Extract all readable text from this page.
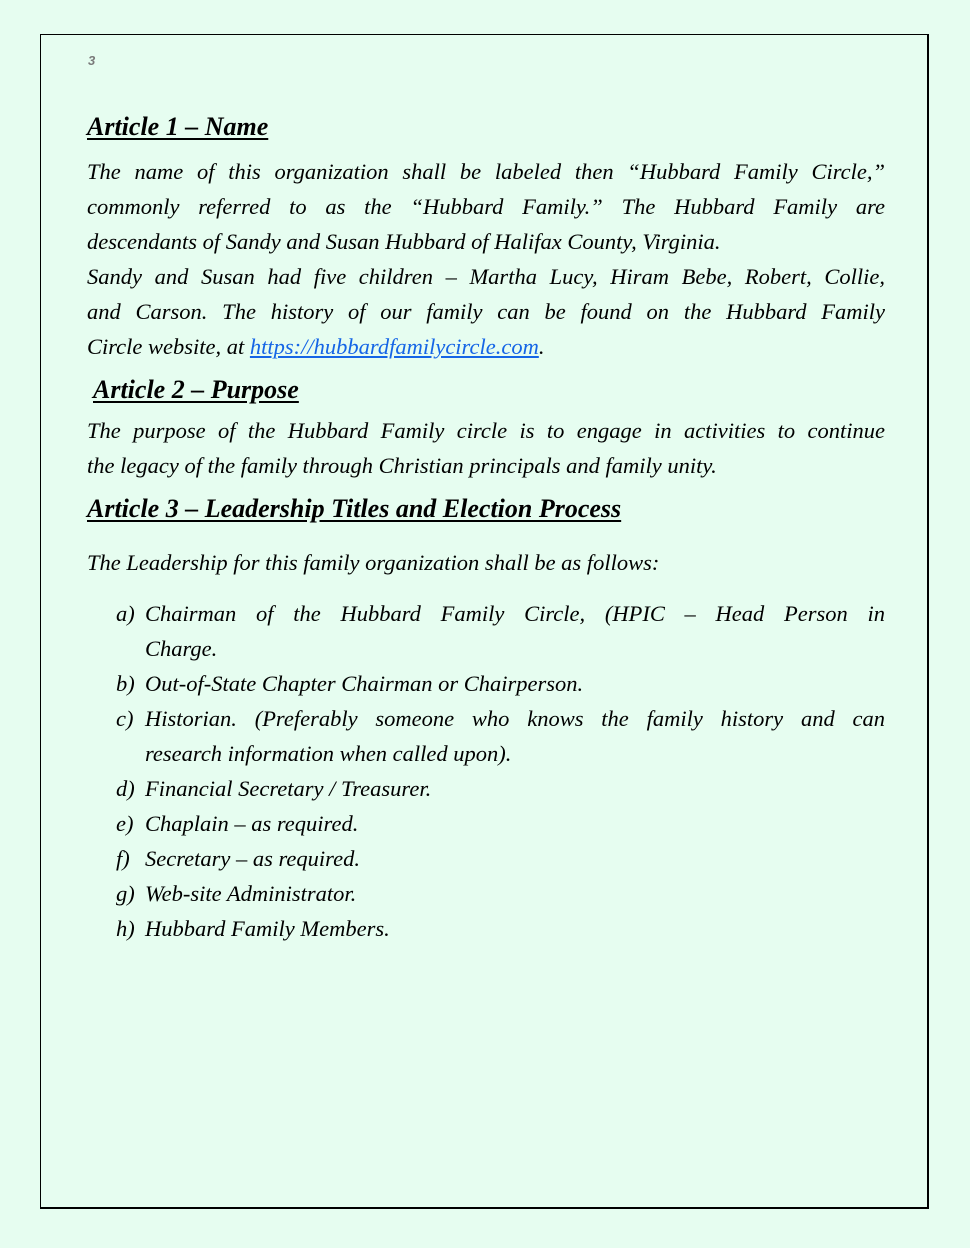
3
Article 1 – Name

The name of this organization shall be labeled then “Hubbard Family Circle,”
commonly referred to as the “Hubbard Family.” The Hubbard Family are
descendants of Sandy and Susan Hubbard of Halifax County, Virginia.
Sandy and Susan had five children – Martha Lucy, Hiram Bebe, Robert, Collie,
and Carson. The history of our family can be found on the Hubbard Family
Circle website, at https://hubbardfamilycircle.com.

Article 2 – Purpose

The purpose of the Hubbard Family circle is to engage in activities to continue
the legacy of the family through Christian principals and family unity.

Article 3 – Leadership Titles and Election Process

The Leadership for this family organization shall be as follows:

a) Chairman of the Hubbard Family Circle, (HPIC – Head Person in
Charge.
b) Out-of-State Chapter Chairman or Chairperson.
c) Historian. (Preferably someone who knows the family history and can
research information when called upon).
d) Financial Secretary / Treasurer.
e) Chaplain – as required.
f) Secretary – as required.
g) Web-site Administrator.
h) Hubbard Family Members.
